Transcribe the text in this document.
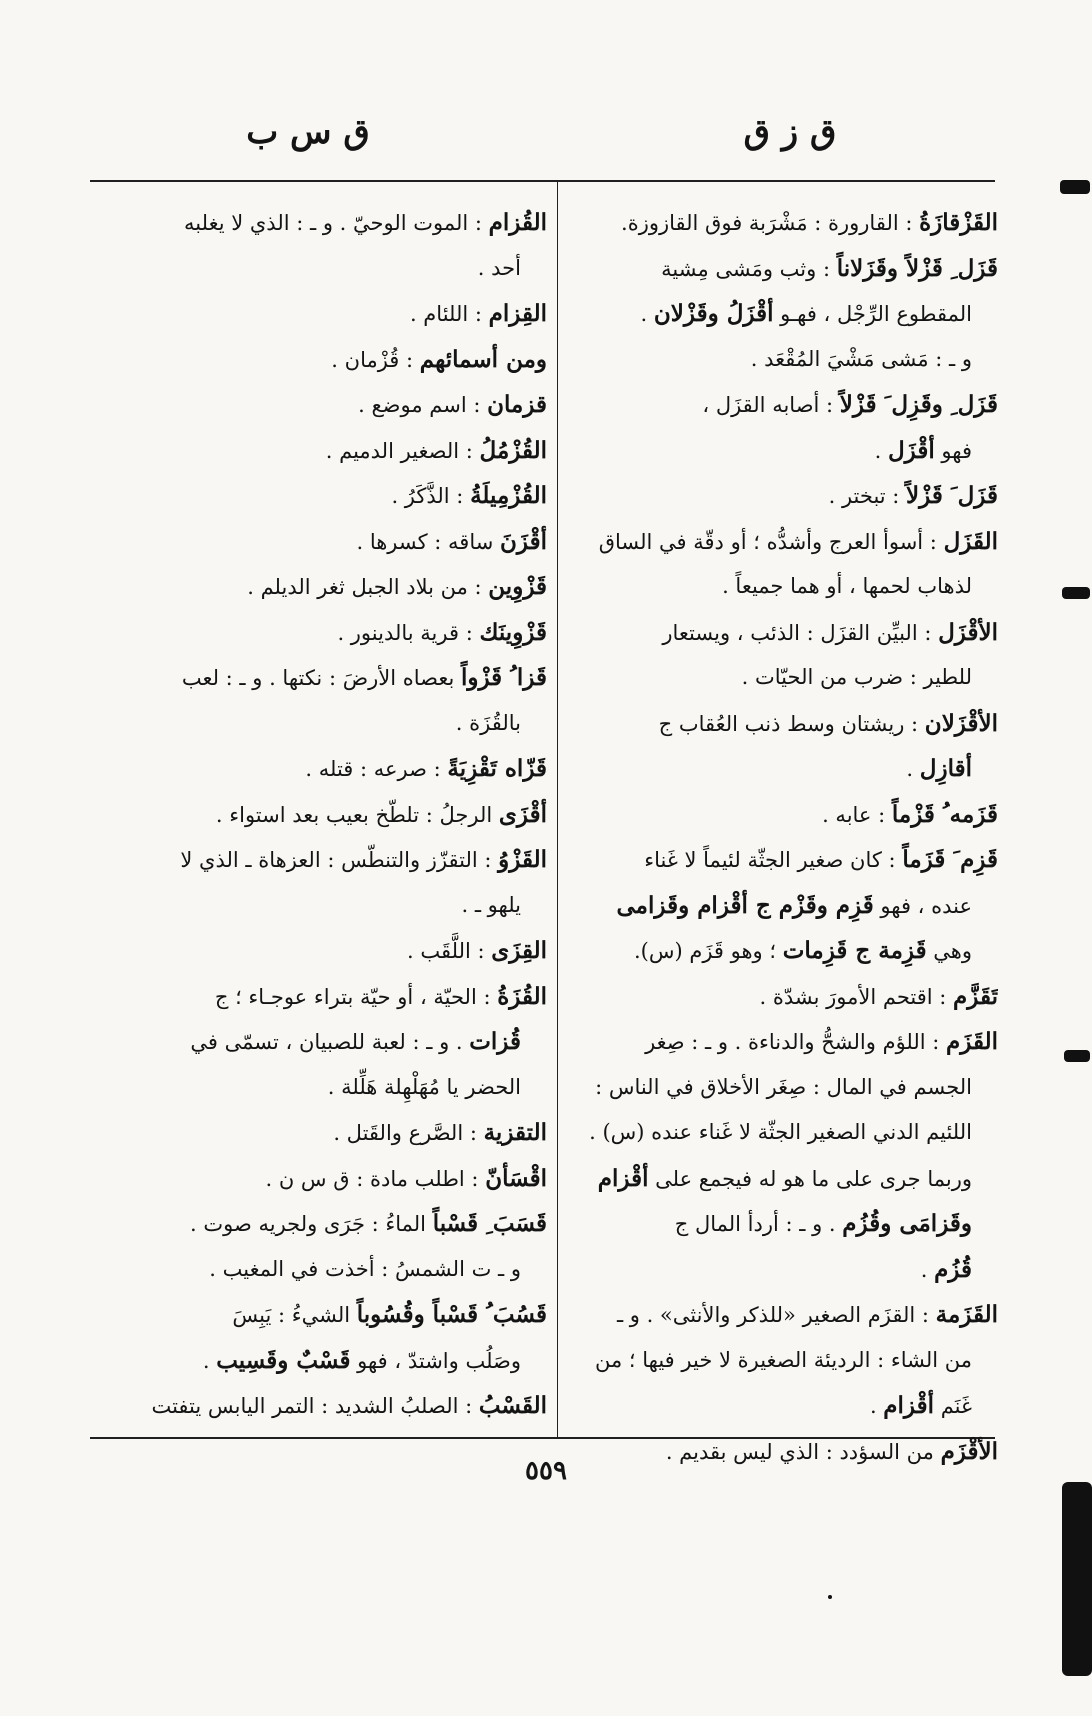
ق ز ق
ق س ب
القَزْقازَةُ : القارورة : مَشْرَبة فوق القازوزة.
قَزَل ِ قَزْلاً وقَزَلاناً : وثب ومَشى مِشية
المقطوع الرِّجْل ، فهـو أقْزَلُ وقَزْلان .
و ـ : مَشى مَشْيَ المُقْعَد .
قَزَل ِ وقَزِل َ قَزْلاً : أصابه القزَل ،
فهو أقْزَل .
قَزَل َ قَزْلاً : تبختر .
القَزَل : أسوأ العرج وأشدُّه ؛ أو دقّة في الساق
لذهاب لحمها ، أو هما جميعاً .
الأقْزَل : البيِّن القزَل : الذئب ، ويستعار
للطير : ضرب من الحيّات .
الأقْزَلان : ريشتان وسط ذنب العُقاب ج
أقازِل .
قَزَمه ُ قَزْماً : عابه .
قَزِم َ قَزَماً : كان صغير الجثّة لئيماً لا غَناء
عنده ، فهو قَزِم وقَزْم ج أقْزام وقَزامى
وهي قَزِمة ج قَزِمات ؛ وهو قَزَم (س).
تَقَزَّم : اقتحم الأمورَ بشدّة .
القَزَم : اللؤم والشحُّ والدناءة . و ـ : صِغر
الجسم في المال : صِغَر الأخلاق في الناس :
اللئيم الدني الصغير الجثّة لا غَناء عنده (س) .
وربما جرى على ما هو له فيجمع على أقْزام
وقَزامَى وقُزُم . و ـ : أردأ المال ج
قُزُم .
القَزَمة : القزَم الصغير «للذكر والأنثى» . و ـ
من الشاء : الرديئة الصغيرة لا خير فيها ؛ من
غَنَم أقْزام .
الأقْزَم من السؤدد : الذي ليس بقديم .
القُزام : الموت الوحيّ . و ـ : الذي لا يغلبه
أحد .
القِزام : اللئام .
ومن أسمائهم : قُزْمان .
قزمان : اسم موضع .
القُزْمُلُ : الصغير الدميم .
القُزْمِيلَةُ : الذَّكَرُ .
أقْزَنَ ساقه : كسرها .
قَزْوِين : من بلاد الجبل ثغر الديلم .
قَزْوِينَك : قرية بالدينور .
قَزا ُ قَزْواً بعصاه الأرضَ : نكتها . و ـ : لعب
بالقُزَة .
قَزّاه تَقْزِيَةً : صرعه : قتله .
أقْزَى الرجلُ : تلطّخ بعيب بعد استواء .
القَزْوُ : التقزّز والتنطّس : العزهاة ـ الذي لا
يلهو ـ .
القِزَى : اللَّقَب .
القُزَةُ : الحيّة ، أو حيّة بتراء عوجـاء ؛ ج
قُزات . و ـ : لعبة للصبيان ، تسمّى في
الحضر يا مُهَلْهِلة هَلِّلة .
التقزية : الصَّرع والقَتل .
اقْسَأنّ : اطلب مادة : ق س ن .
قَسَبَ ِ قَسْباً الماءُ : جَرَى ولجريه صوت .
و ـ ت الشمسُ : أخذت في المغيب .
قَسُبَ ُ قَسْباً وقُسُوباً الشيءُ : يَبِسَ
وصَلُب واشتدّ ، فهو قَسْبٌ وقَسِيب .
القَسْبُ : الصلبُ الشديد : التمر اليابس يتفتت
٥٥٩
